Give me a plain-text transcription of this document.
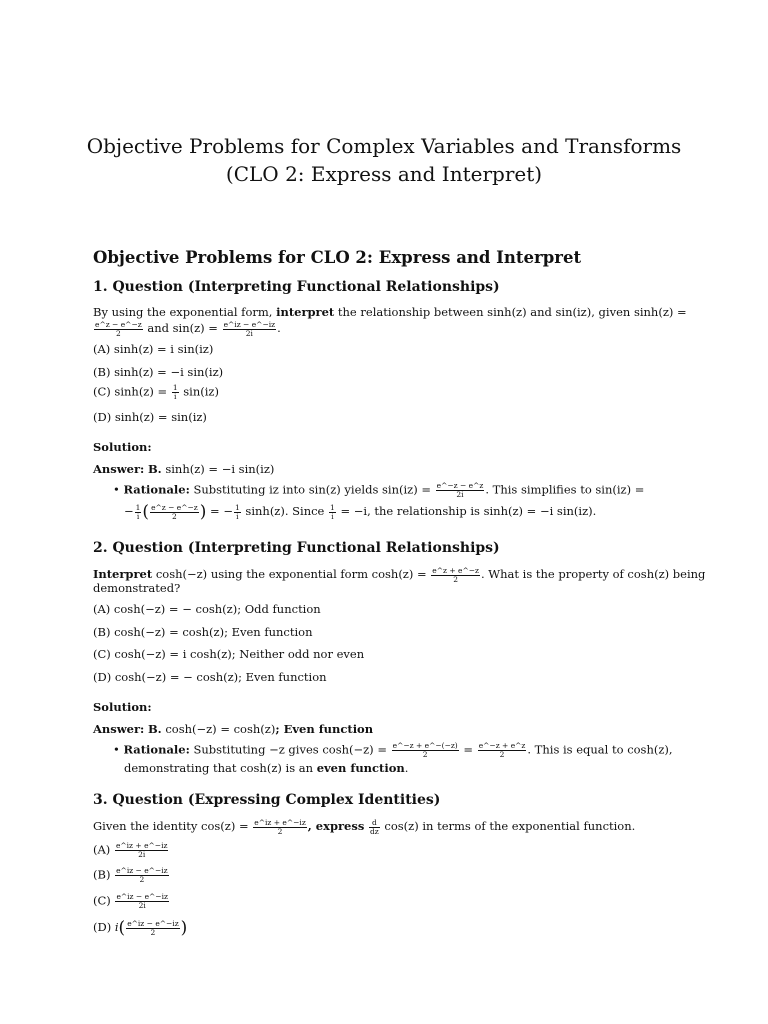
Objective Problems for Complex Variables and Transforms (CLO 2: Express and Interpret)
Objective Problems for CLO 2: Express and Interpret
1. Question (Interpreting Functional Relationships)
By using the exponential form, interpret the relationship between sinh(z) and sin(iz), given sinh(z) =
$\frac{e\^{}z - e\^{}-z}{2}$ and $\sin(z) = \frac{e\^{}iz - e\^{}-iz}{2i}$ .
(A) sinh(z) = i sin(iz)
(B) sinh(z) = −i sin(iz)
(C) $\sinh(z) = \frac{1}{i} \sin(iz)$
(D) sinh(z) = sin(iz)
Solution:
Answer: B. sinh(z) = −i sin(iz)
• Rationale: Substituting iz into sin(z) yields $\sin(iz) = \frac{e\^{}-z - e\^{}z}{2i}$ . This simplifies to sin(iz) =
− $\frac{1}{i}$ ( $\frac{e\^{}z - e\^{}-z}{2}$ ) = − $\frac{1}{i} \sinh(z)$. Since $\frac{1}{i} = -i$, the relationship is sinh(z) = −i sin(iz).
2. Question (Interpreting Functional Relationships)
Interpret cosh(−z) using the exponential form $\cosh(z) = \frac{e\^{}z + e\^{}-z}{2}$ . What is the property of cosh(z) being
demonstrated?
(A) cosh(−z) = − cosh(z); Odd function
(B) cosh(−z) = cosh(z); Even function
(C) cosh(−z) = i cosh(z); Neither odd nor even
(D) cosh(−z) = − cosh(z); Even function
Solution:
Answer: B. cosh(−z) = cosh(z); Even function
• Rationale: Substituting −z gives $\cosh(-z) = \frac{e\^{}-z + e\^{}-(-z)}{2} = \frac{e\^{}-z + e\^{}z}{2}$ . This is equal to cosh(z),
demonstrating that cosh(z) is an even function.
3. Question (Expressing Complex Identities)
Given the identity $\cos(z) = \frac{e\^{}iz + e\^{}-iz}{2}$ , express $\frac{d}{dz} \cos(z)$ in terms of the exponential function.
$(A) \frac{e\^{}iz + e\^{}-iz}{2i}$
$(B) \frac{e\^{}iz - e\^{}-iz}{2}$
$(C) \frac{e\^{}iz - e\^{}-iz}{2i}$
(D) $i( \frac{e\^{}iz - e\^{}-iz}{2}$ )
